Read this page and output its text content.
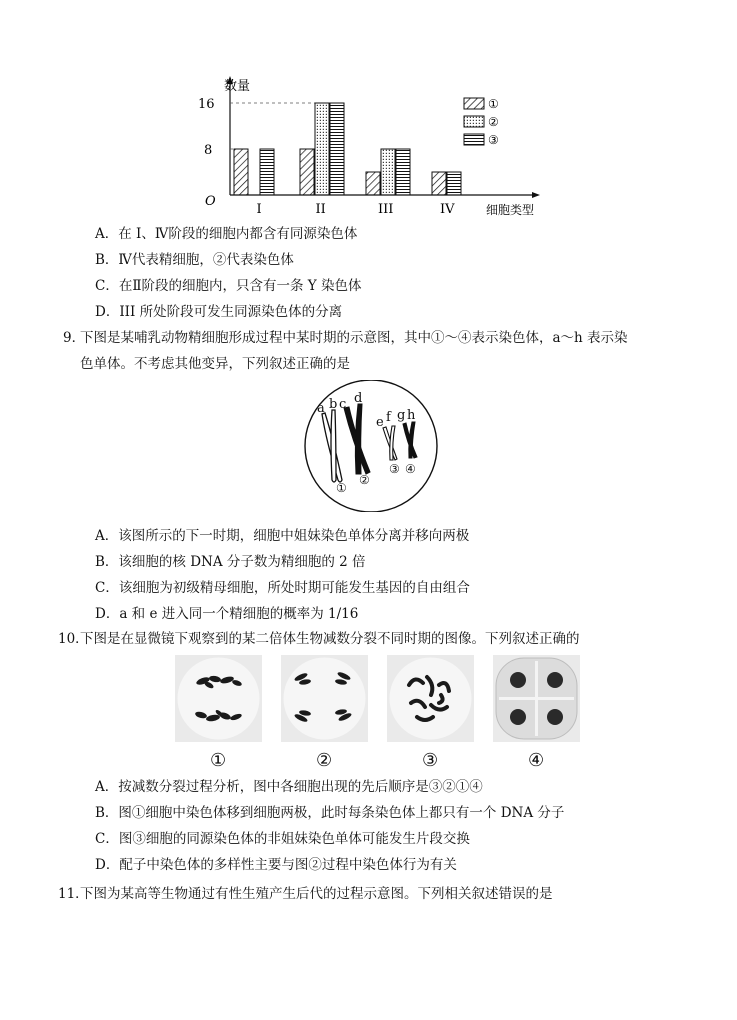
数量
16
8
O
细胞类型
I	II	III	IV
①
②
③
A．在 I、Ⅳ阶段的细胞内都含有同源染色体
B．Ⅳ代表精细胞，②代表染色体
C．在Ⅱ阶段的细胞内，只含有一条 Y 染色体
D．III 所处阶段可发生同源染色体的分离
9．
下图是某哺乳动物精细胞形成过程中某时期的示意图，其中①～④表示染色体，a～h 表示染
色单体。不考虑其他变异，下列叙述正确的是
a b c d
e f g h
①
②
③ ④
A．该图所示的下一时期，细胞中姐妹染色单体分离并移向两极
B．该细胞的核 DNA 分子数为精细胞的 2 倍
C．该细胞为初级精母细胞，所处时期可能发生基因的自由组合
D．a 和 e 进入同一个精细胞的概率为 1/16
10．
下图是在显微镜下观察到的某二倍体生物减数分裂不同时期的图像。下列叙述正确的
①	②	③	④
A．按减数分裂过程分析，图中各细胞出现的先后顺序是③②①④
B．图①细胞中染色体移到细胞两极，此时每条染色体上都只有一个 DNA 分子
C．图③细胞的同源染色体的非姐妹染色单体可能发生片段交换
D．配子中染色体的多样性主要与图②过程中染色体行为有关
11．
下图为某高等生物通过有性生殖产生后代的过程示意图。下列相关叙述错误的是
